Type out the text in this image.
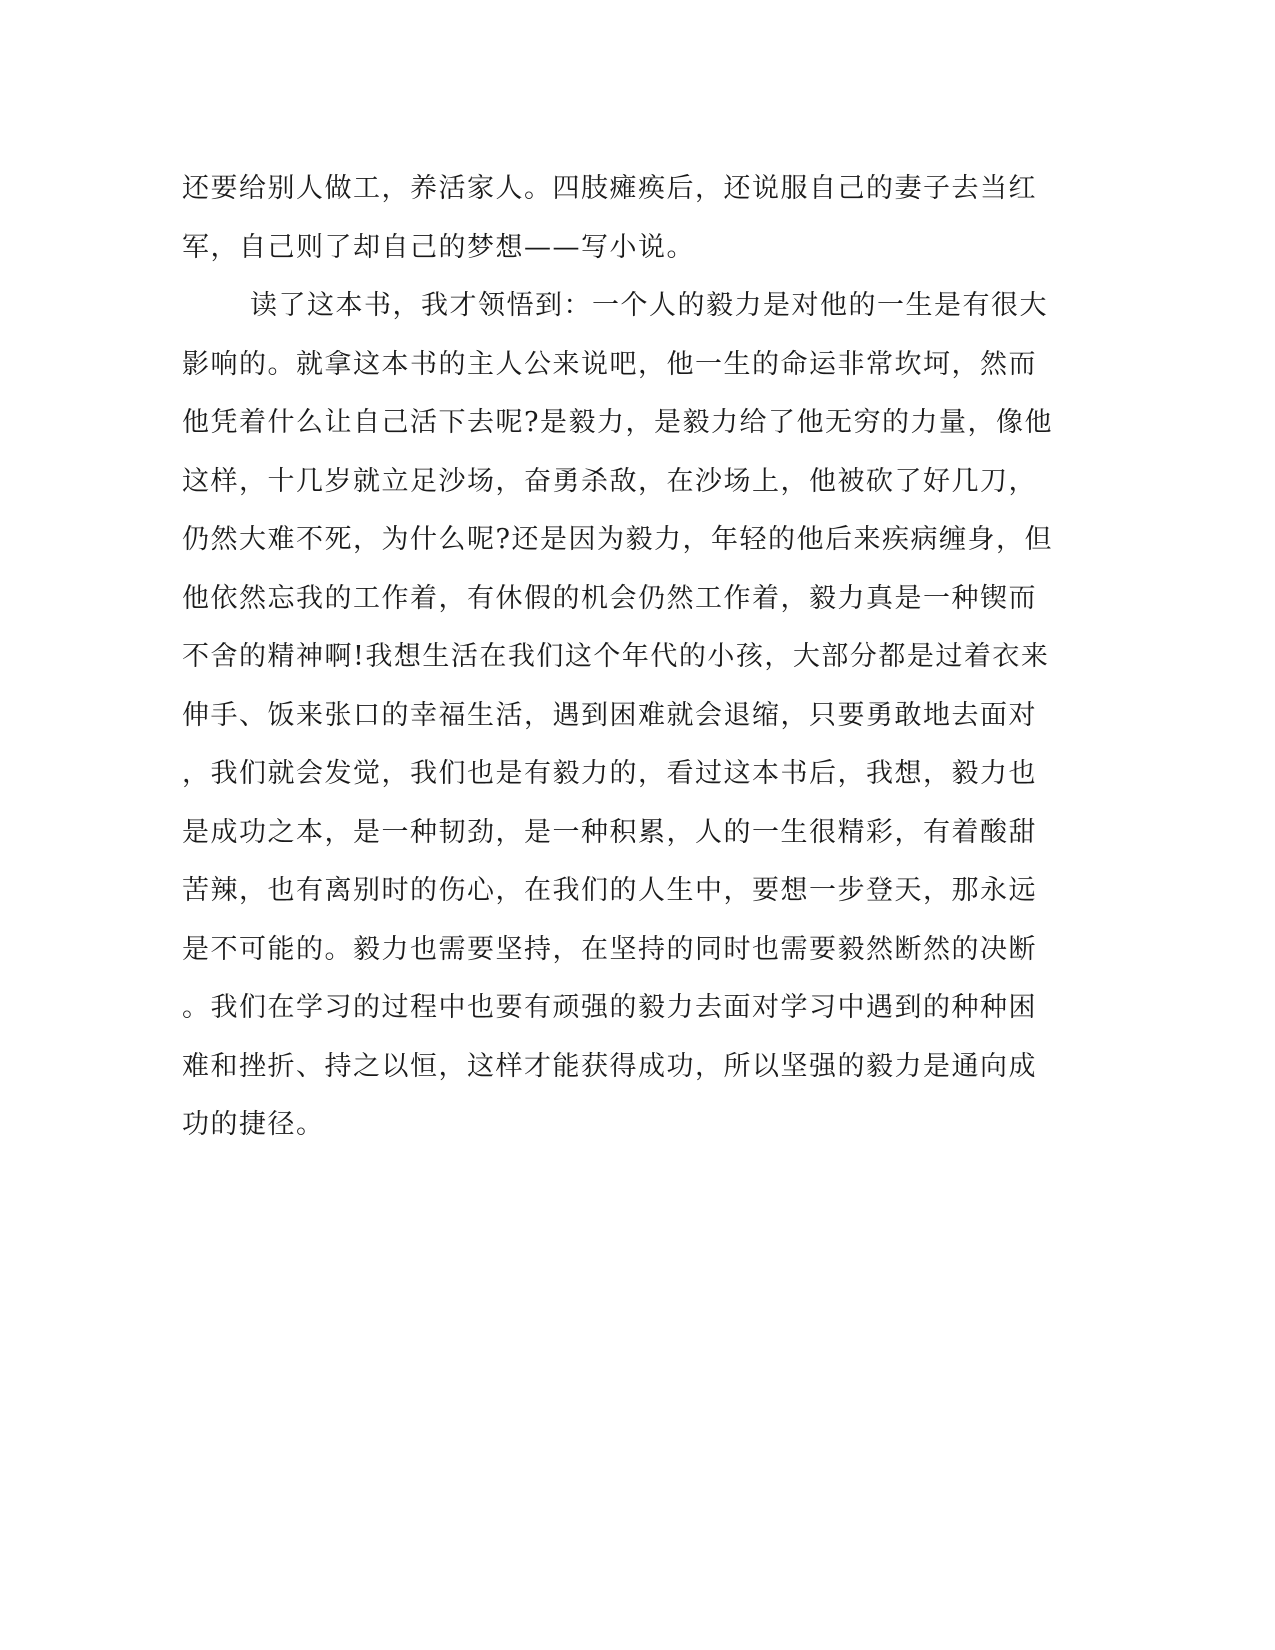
还要给别人做工，养活家人。四肢瘫痪后，还说服自己的妻子去当红
军，自己则了却自己的梦想——写小说。
读了这本书，我才领悟到：一个人的毅力是对他的一生是有很大
影响的。就拿这本书的主人公来说吧，他一生的命运非常坎坷，然而
他凭着什么让自己活下去呢?是毅力，是毅力给了他无穷的力量，像他
这样，十几岁就立足沙场，奋勇杀敌，在沙场上，他被砍了好几刀，
仍然大难不死，为什么呢?还是因为毅力，年轻的他后来疾病缠身，但
他依然忘我的工作着，有休假的机会仍然工作着，毅力真是一种锲而
不舍的精神啊!我想生活在我们这个年代的小孩，大部分都是过着衣来
伸手、饭来张口的幸福生活，遇到困难就会退缩，只要勇敢地去面对
，我们就会发觉，我们也是有毅力的，看过这本书后，我想，毅力也
是成功之本，是一种韧劲，是一种积累，人的一生很精彩，有着酸甜
苦辣，也有离别时的伤心，在我们的人生中，要想一步登天，那永远
是不可能的。毅力也需要坚持，在坚持的同时也需要毅然断然的决断
。我们在学习的过程中也要有顽强的毅力去面对学习中遇到的种种困
难和挫折、持之以恒，这样才能获得成功，所以坚强的毅力是通向成
功的捷径。
